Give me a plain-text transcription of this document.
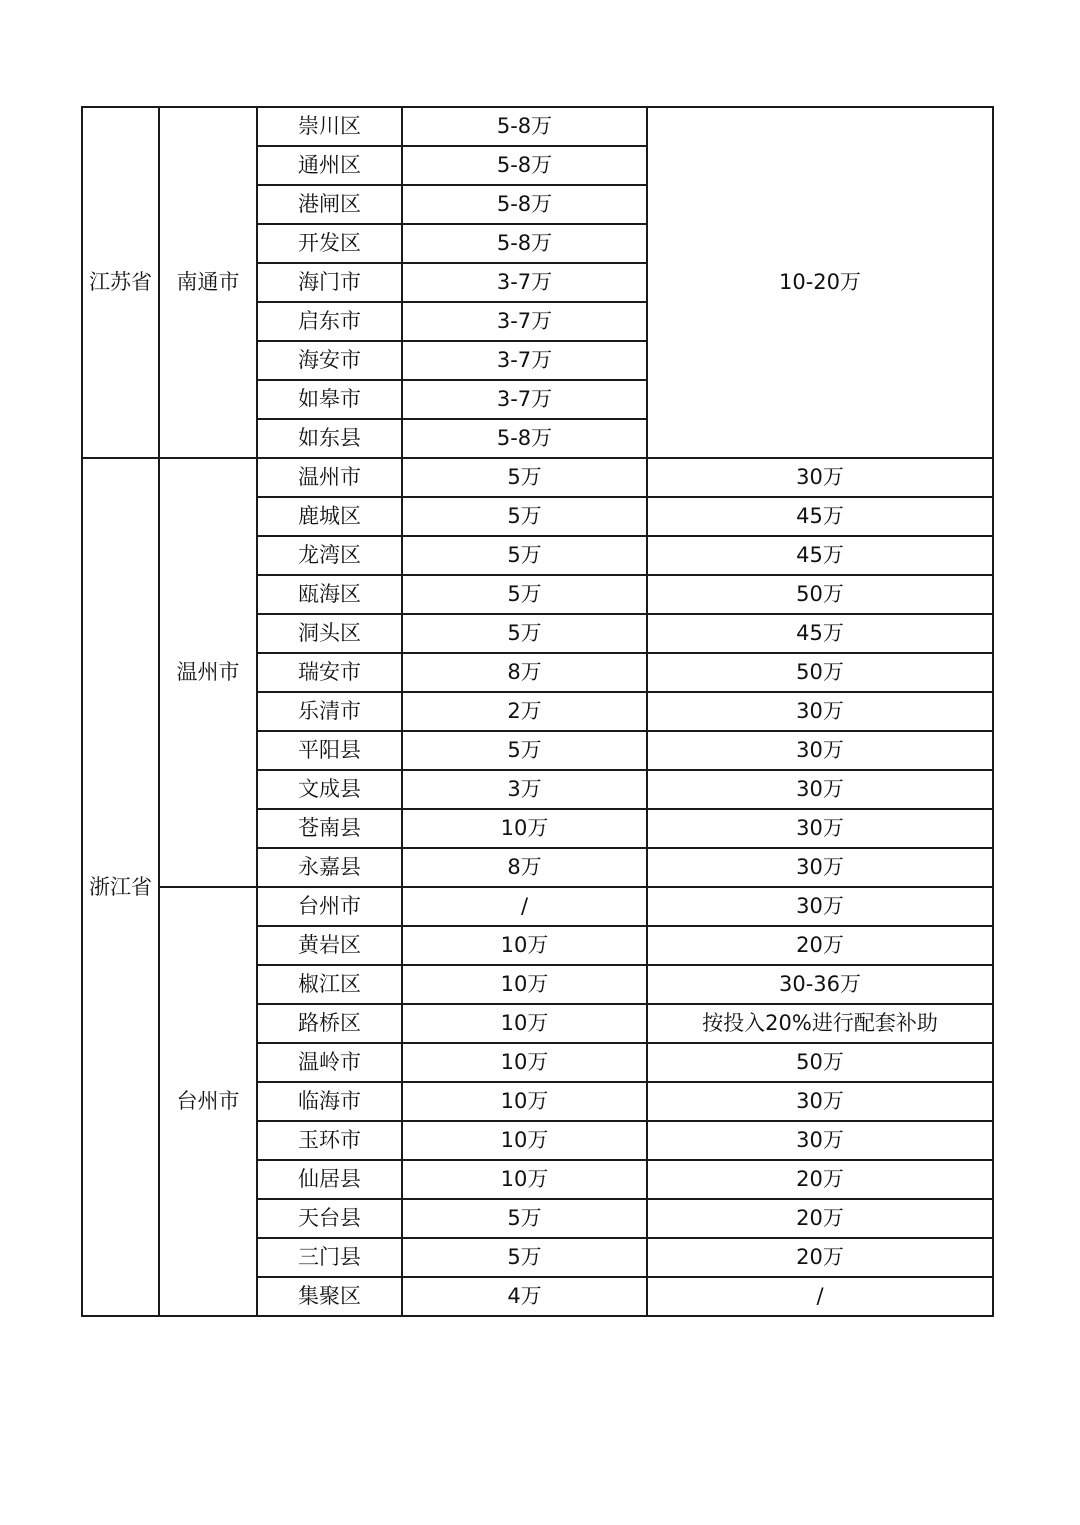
江苏省	南通市	崇川区	5-8万	10-20万
		通州区	5-8万	
		港闸区	5-8万	
		开发区	5-8万	
		海门市	3-7万	
		启东市	3-7万	
		海安市	3-7万	
		如皋市	3-7万	
		如东县	5-8万	
浙江省	温州市	温州市	5万	30万
		鹿城区	5万	45万
		龙湾区	5万	45万
		瓯海区	5万	50万
		洞头区	5万	45万
		瑞安市	8万	50万
		乐清市	2万	30万
		平阳县	5万	30万
		文成县	3万	30万
		苍南县	10万	30万
		永嘉县	8万	30万
	台州市	台州市	/	30万
		黄岩区	10万	20万
		椒江区	10万	30-36万
		路桥区	10万	按投入20%进行配套补助
		温岭市	10万	50万
		临海市	10万	30万
		玉环市	10万	30万
		仙居县	10万	20万
		天台县	5万	20万
		三门县	5万	20万
		集聚区	4万	/
